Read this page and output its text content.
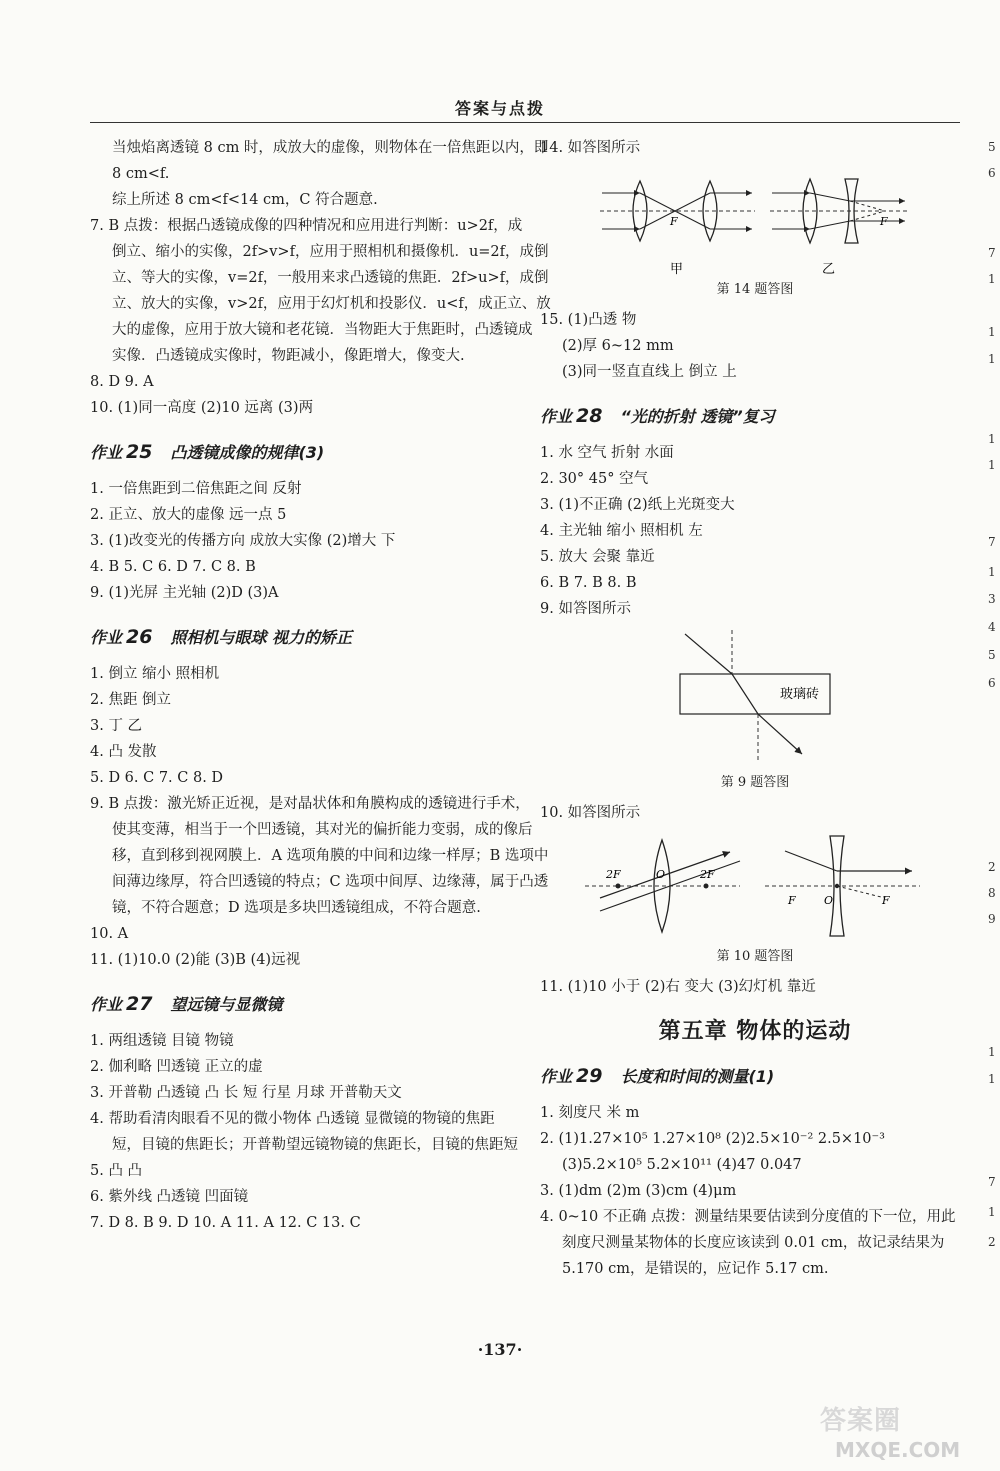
答案与点拨
当烛焰离透镜 8 cm 时，成放大的虚像，则物体在一倍焦距以内，即
8 cm<f.
综上所述 8 cm<f<14 cm，C 符合题意.
7. B 点拨：根据凸透镜成像的四种情况和应用进行判断：u>2f，成
倒立、缩小的实像，2f>v>f，应用于照相机和摄像机．u=2f，成倒
立、等大的实像，v=2f，一般用来求凸透镜的焦距．2f>u>f，成倒
立、放大的实像，v>2f，应用于幻灯机和投影仪．u<f，成正立、放
大的虚像，应用于放大镜和老花镜．当物距大于焦距时，凸透镜成
实像．凸透镜成实像时，物距减小，像距增大，像变大.
8. D 9. A
10. (1)同一高度 (2)10 远离 (3)两
作业 25 凸透镜成像的规律(3)
1. 一倍焦距到二倍焦距之间 反射
2. 正立、放大的虚像 远一点 5
3. (1)改变光的传播方向 成放大实像 (2)增大 下
4. B 5. C 6. D 7. C 8. B
9. (1)光屏 主光轴 (2)D (3)A
作业 26 照相机与眼球 视力的矫正
1. 倒立 缩小 照相机
2. 焦距 倒立
3. 丁 乙
4. 凸 发散
5. D 6. C 7. C 8. D
9. B 点拨：激光矫正近视，是对晶状体和角膜构成的透镜进行手术，
使其变薄，相当于一个凹透镜，其对光的偏折能力变弱，成的像后
移，直到移到视网膜上．A 选项角膜的中间和边缘一样厚；B 选项中
间薄边缘厚，符合凹透镜的特点；C 选项中间厚、边缘薄，属于凸透
镜，不符合题意；D 选项是多块凹透镜组成，不符合题意.
10. A
11. (1)10.0 (2)能 (3)B (4)远视
作业 27 望远镜与显微镜
1. 两组透镜 目镜 物镜
2. 伽利略 凹透镜 正立的虚
3. 开普勒 凸透镜 凸 长 短 行星 月球 开普勒天文
4. 帮助看清肉眼看不见的微小物体 凸透镜 显微镜的物镜的焦距
短，目镜的焦距长；开普勒望远镜物镜的焦距长，目镜的焦距短
5. 凸 凸
6. 紫外线 凸透镜 凹面镜
7. D 8. B 9. D 10. A 11. A 12. C 13. C
14. 如答图所示
F
甲
F
乙
第 14 题答图
15. (1)凸透 物
(2)厚 6~12 mm
(3)同一竖直直线上 倒立 上
作业 28 “光的折射 透镜”复习
1. 水 空气 折射 水面
2. 30° 45° 空气
3. (1)不正确 (2)纸上光斑变大
4. 主光轴 缩小 照相机 左
5. 放大 会聚 靠近
6. B 7. B 8. B
9. 如答图所示
玻璃砖
第 9 题答图
10. 如答图所示
2F	2F
O
F	O	F
第 10 题答图
11. (1)10 小于 (2)右 变大 (3)幻灯机 靠近
第五章 物体的运动
作业 29 长度和时间的测量(1)
1. 刻度尺 米 m
2. (1)1.27×10⁵ 1.27×10⁸ (2)2.5×10⁻² 2.5×10⁻³
(3)5.2×10⁵ 5.2×10¹¹ (4)47 0.047
3. (1)dm (2)m (3)cm (4)μm
4. 0~10 不正确 点拨：测量结果要估读到分度值的下一位，用此
刻度尺测量某物体的长度应该读到 0.01 cm，故记录结果为
5.170 cm，是错误的，应记作 5.17 cm.
5
6
7
1
1
1
1
1
7
1
3
4
5
6
2
8
9
1
1
7
1
2
·137·
答案圈
MXQE.COM
